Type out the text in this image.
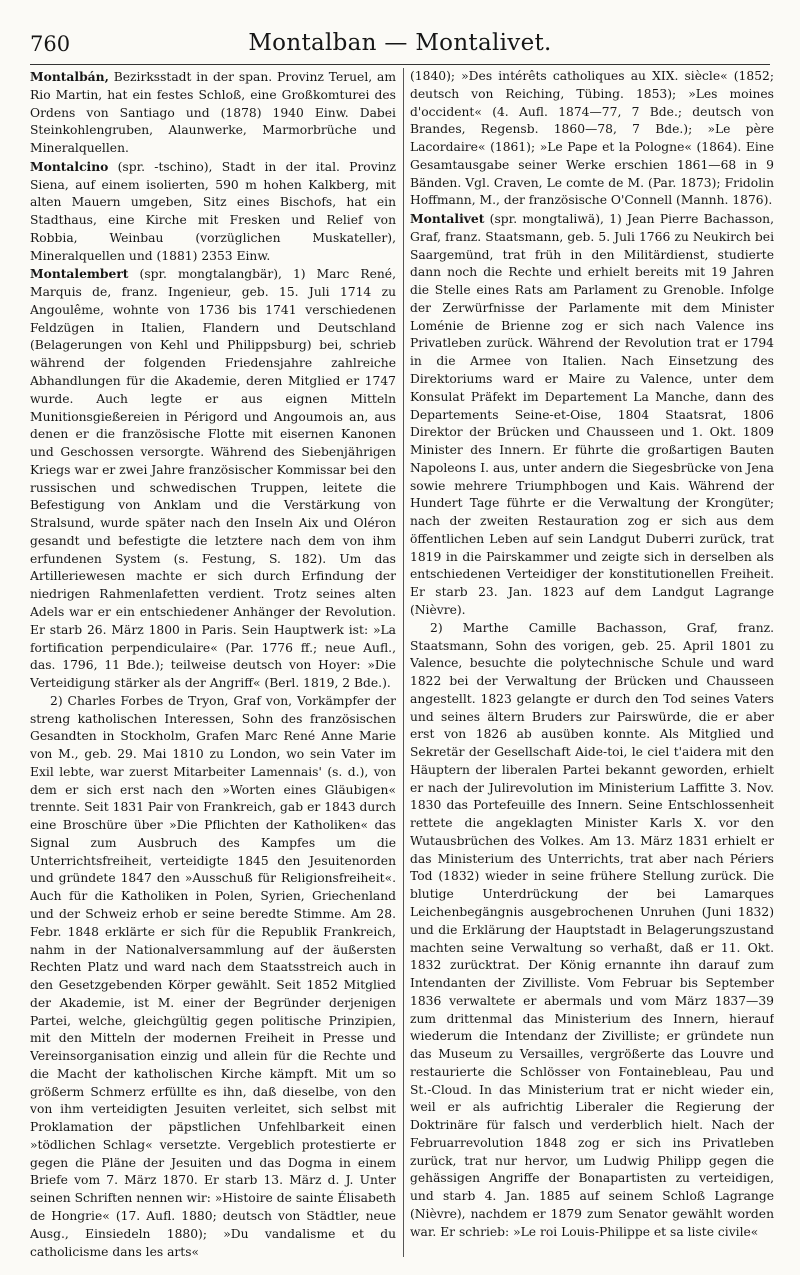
760	Montalban — Montalivet.

Montalbán, Bezirksstadt in der span. Provinz Teruel, am Rio Martin, hat ein festes Schloß, eine Großkomturei des Ordens von Santiago und (1878) 1940 Einw. Dabei Steinkohlengruben, Alaunwerke, Marmorbrüche und Mineralquellen.

Montalcino (spr. -tschino), Stadt in der ital. Provinz Siena, auf einem isolierten, 590 m hohen Kalkberg, mit alten Mauern umgeben, Sitz eines Bischofs, hat ein Stadthaus, eine Kirche mit Fresken und Relief von Robbia, Weinbau (vorzüglichen Muskateller), Mineralquellen und (1881) 2353 Einw.

Montalembert (spr. mongtalangbär), 1) Marc René, Marquis de, franz. Ingenieur, geb. 15. Juli 1714 zu Angoulême, wohnte von 1736 bis 1741 verschiedenen Feldzügen in Italien, Flandern und Deutschland (Belagerungen von Kehl und Philippsburg) bei, schrieb während der folgenden Friedensjahre zahlreiche Abhandlungen für die Akademie, deren Mitglied er 1747 wurde. Auch legte er aus eignen Mitteln Munitionsgießereien in Périgord und Angoumois an, aus denen er die französische Flotte mit eisernen Kanonen und Geschossen versorgte. Während des Siebenjährigen Kriegs war er zwei Jahre französischer Kommissar bei den russischen und schwedischen Truppen, leitete die Befestigung von Anklam und die Verstärkung von Stralsund, wurde später nach den Inseln Aix und Oléron gesandt und befestigte die letztere nach dem von ihm erfundenen System (s. Festung, S. 182). Um das Artilleriewesen machte er sich durch Erfindung der niedrigen Rahmenlafetten verdient. Trotz seines alten Adels war er ein entschiedener Anhänger der Revolution. Er starb 26. März 1800 in Paris. Sein Hauptwerk ist: »La fortification perpendiculaire« (Par. 1776 ff.; neue Aufl., das. 1796, 11 Bde.); teilweise deutsch von Hoyer: »Die Verteidigung stärker als der Angriff« (Berl. 1819, 2 Bde.).

2) Charles Forbes de Tryon, Graf von, Vorkämpfer der streng katholischen Interessen, Sohn des französischen Gesandten in Stockholm, Grafen Marc René Anne Marie von M., geb. 29. Mai 1810 zu London, wo sein Vater im Exil lebte, war zuerst Mitarbeiter Lamennais' (s. d.), von dem er sich erst nach den »Worten eines Gläubigen« trennte. Seit 1831 Pair von Frankreich, gab er 1843 durch eine Broschüre über »Die Pflichten der Katholiken« das Signal zum Ausbruch des Kampfes um die Unterrichtsfreiheit, verteidigte 1845 den Jesuitenorden und gründete 1847 den »Ausschuß für Religionsfreiheit«. Auch für die Katholiken in Polen, Syrien, Griechenland und der Schweiz erhob er seine beredte Stimme. Am 28. Febr. 1848 erklärte er sich für die Republik Frankreich, nahm in der Nationalversammlung auf der äußersten Rechten Platz und ward nach dem Staatsstreich auch in den Gesetzgebenden Körper gewählt. Seit 1852 Mitglied der Akademie, ist M. einer der Begründer derjenigen Partei, welche, gleichgültig gegen politische Prinzipien, mit den Mitteln der modernen Freiheit in Presse und Vereinsorganisation einzig und allein für die Rechte und die Macht der katholischen Kirche kämpft. Mit um so größerm Schmerz erfüllte es ihn, daß dieselbe, von den von ihm verteidigten Jesuiten verleitet, sich selbst mit Proklamation der päpstlichen Unfehlbarkeit einen »tödlichen Schlag« versetzte. Vergeblich protestierte er gegen die Pläne der Jesuiten und das Dogma in einem Briefe vom 7. März 1870. Er starb 13. März d. J. Unter seinen Schriften nennen wir: »Histoire de sainte Élisabeth de Hongrie« (17. Aufl. 1880; deutsch von Städtler, neue Ausg., Einsiedeln 1880); »Du vandalisme et du catholicisme dans les arts«

(1840); »Des intérêts catholiques au XIX. siècle« (1852; deutsch von Reiching, Tübing. 1853); »Les moines d'occident« (4. Aufl. 1874—77, 7 Bde.; deutsch von Brandes, Regensb. 1860—78, 7 Bde.); »Le père Lacordaire« (1861); »Le Pape et la Pologne« (1864). Eine Gesamtausgabe seiner Werke erschien 1861—68 in 9 Bänden. Vgl. Craven, Le comte de M. (Par. 1873); Fridolin Hoffmann, M., der französische O'Connell (Mannh. 1876).

Montalivet (spr. mongtaliwä), 1) Jean Pierre Bachasson, Graf, franz. Staatsmann, geb. 5. Juli 1766 zu Neukirch bei Saargemünd, trat früh in den Militärdienst, studierte dann noch die Rechte und erhielt bereits mit 19 Jahren die Stelle eines Rats am Parlament zu Grenoble. Infolge der Zerwürfnisse der Parlamente mit dem Minister Loménie de Brienne zog er sich nach Valence ins Privatleben zurück. Während der Revolution trat er 1794 in die Armee von Italien. Nach Einsetzung des Direktoriums ward er Maire zu Valence, unter dem Konsulat Präfekt im Departement La Manche, dann des Departements Seine-et-Oise, 1804 Staatsrat, 1806 Direktor der Brücken und Chausseen und 1. Okt. 1809 Minister des Innern. Er führte die großartigen Bauten Napoleons I. aus, unter andern die Siegesbrücke von Jena sowie mehrere Triumphbogen und Kais. Während der Hundert Tage führte er die Verwaltung der Krongüter; nach der zweiten Restauration zog er sich aus dem öffentlichen Leben auf sein Landgut Duberri zurück, trat 1819 in die Pairskammer und zeigte sich in derselben als entschiedenen Verteidiger der konstitutionellen Freiheit. Er starb 23. Jan. 1823 auf dem Landgut Lagrange (Nièvre).

2) Marthe Camille Bachasson, Graf, franz. Staatsmann, Sohn des vorigen, geb. 25. April 1801 zu Valence, besuchte die polytechnische Schule und ward 1822 bei der Verwaltung der Brücken und Chausseen angestellt. 1823 gelangte er durch den Tod seines Vaters und seines ältern Bruders zur Pairswürde, die er aber erst von 1826 ab ausüben konnte. Als Mitglied und Sekretär der Gesellschaft Aide-toi, le ciel t'aidera mit den Häuptern der liberalen Partei bekannt geworden, erhielt er nach der Julirevolution im Ministerium Laffitte 3. Nov. 1830 das Portefeuille des Innern. Seine Entschlossenheit rettete die angeklagten Minister Karls X. vor den Wutausbrüchen des Volkes. Am 13. März 1831 erhielt er das Ministerium des Unterrichts, trat aber nach Périers Tod (1832) wieder in seine frühere Stellung zurück. Die blutige Unterdrückung der bei Lamarques Leichenbegängnis ausgebrochenen Unruhen (Juni 1832) und die Erklärung der Hauptstadt in Belagerungszustand machten seine Verwaltung so verhaßt, daß er 11. Okt. 1832 zurücktrat. Der König ernannte ihn darauf zum Intendanten der Zivilliste. Vom Februar bis September 1836 verwaltete er abermals und vom März 1837—39 zum drittenmal das Ministerium des Innern, hierauf wiederum die Intendanz der Zivilliste; er gründete nun das Museum zu Versailles, vergrößerte das Louvre und restaurierte die Schlösser von Fontainebleau, Pau und St.-Cloud. In das Ministerium trat er nicht wieder ein, weil er als aufrichtig Liberaler die Regierung der Doktrinäre für falsch und verderblich hielt. Nach der Februarrevolution 1848 zog er sich ins Privatleben zurück, trat nur hervor, um Ludwig Philipp gegen die gehässigen Angriffe der Bonapartisten zu verteidigen, und starb 4. Jan. 1885 auf seinem Schloß Lagrange (Nièvre), nachdem er 1879 zum Senator gewählt worden war. Er schrieb: »Le roi Louis-Philippe et sa liste civile«
